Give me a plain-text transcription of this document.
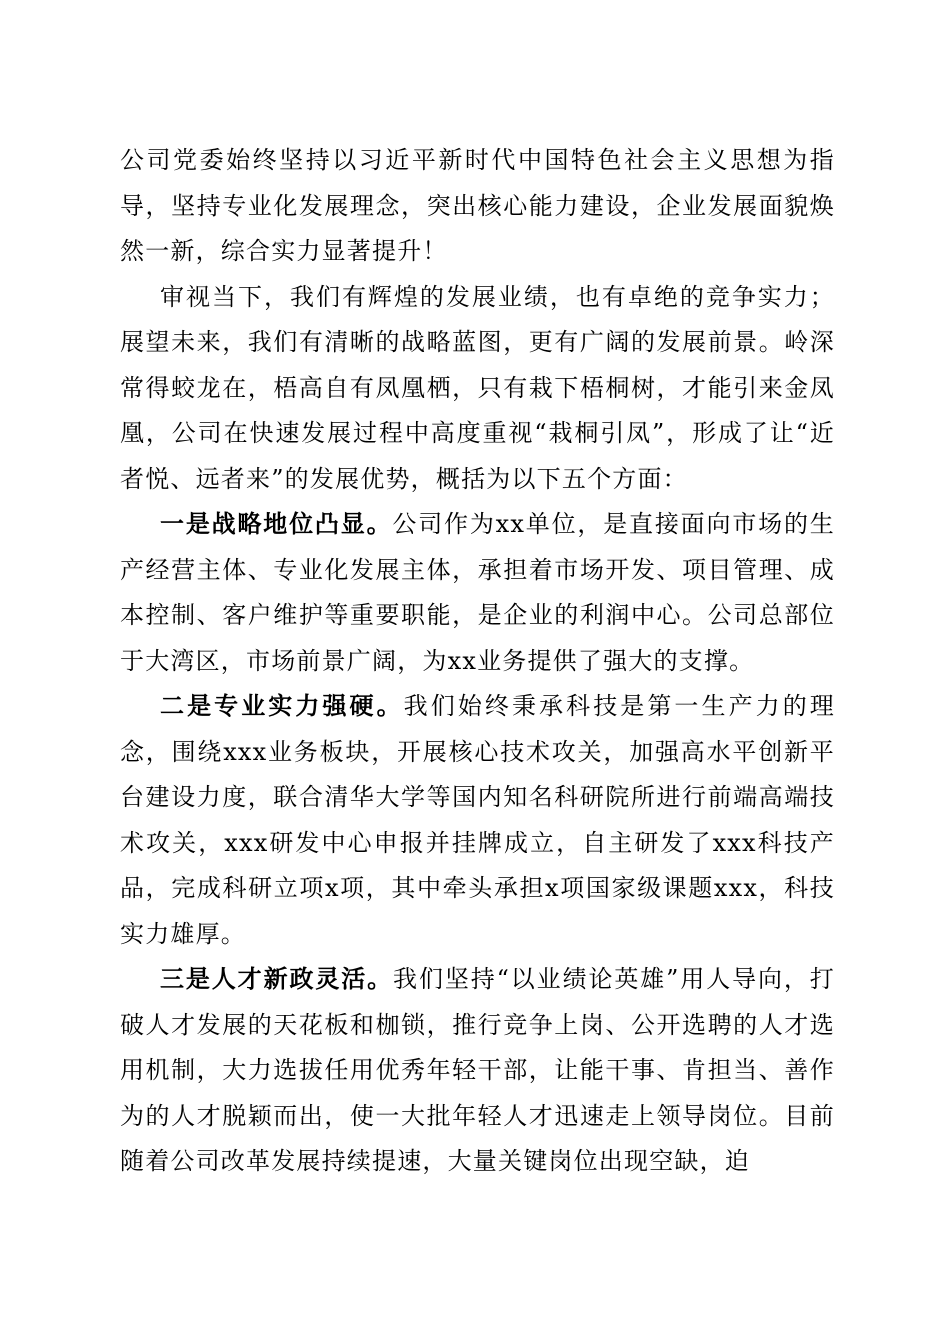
公司党委始终坚持以习近平新时代中国特色社会主义思想为指导，坚持专业化发展理念，突出核心能力建设，企业发展面貌焕然一新，综合实力显著提升！

审视当下，我们有辉煌的发展业绩，也有卓绝的竞争实力；展望未来，我们有清晰的战略蓝图，更有广阔的发展前景。岭深常得蛟龙在，梧高自有凤凰栖，只有栽下梧桐树，才能引来金凤凰，公司在快速发展过程中高度重视“栽桐引凤”，形成了让“近者悦、远者来”的发展优势，概括为以下五个方面：

一是战略地位凸显。公司作为xx单位，是直接面向市场的生产经营主体、专业化发展主体，承担着市场开发、项目管理、成本控制、客户维护等重要职能，是企业的利润中心。公司总部位于大湾区，市场前景广阔，为xx业务提供了强大的支撑。

二是专业实力强硬。我们始终秉承科技是第一生产力的理念，围绕xxx业务板块，开展核心技术攻关，加强高水平创新平台建设力度，联合清华大学等国内知名科研院所进行前端高端技术攻关，xxx研发中心申报并挂牌成立，自主研发了xxx科技产品，完成科研立项x项，其中牵头承担x项国家级课题xxx，科技实力雄厚。

三是人才新政灵活。我们坚持“以业绩论英雄”用人导向，打破人才发展的天花板和枷锁，推行竞争上岗、公开选聘的人才选用机制，大力选拔任用优秀年轻干部，让能干事、肯担当、善作为的人才脱颖而出，使一大批年轻人才迅速走上领导岗位。目前随着公司改革发展持续提速，大量关键岗位出现空缺，迫
